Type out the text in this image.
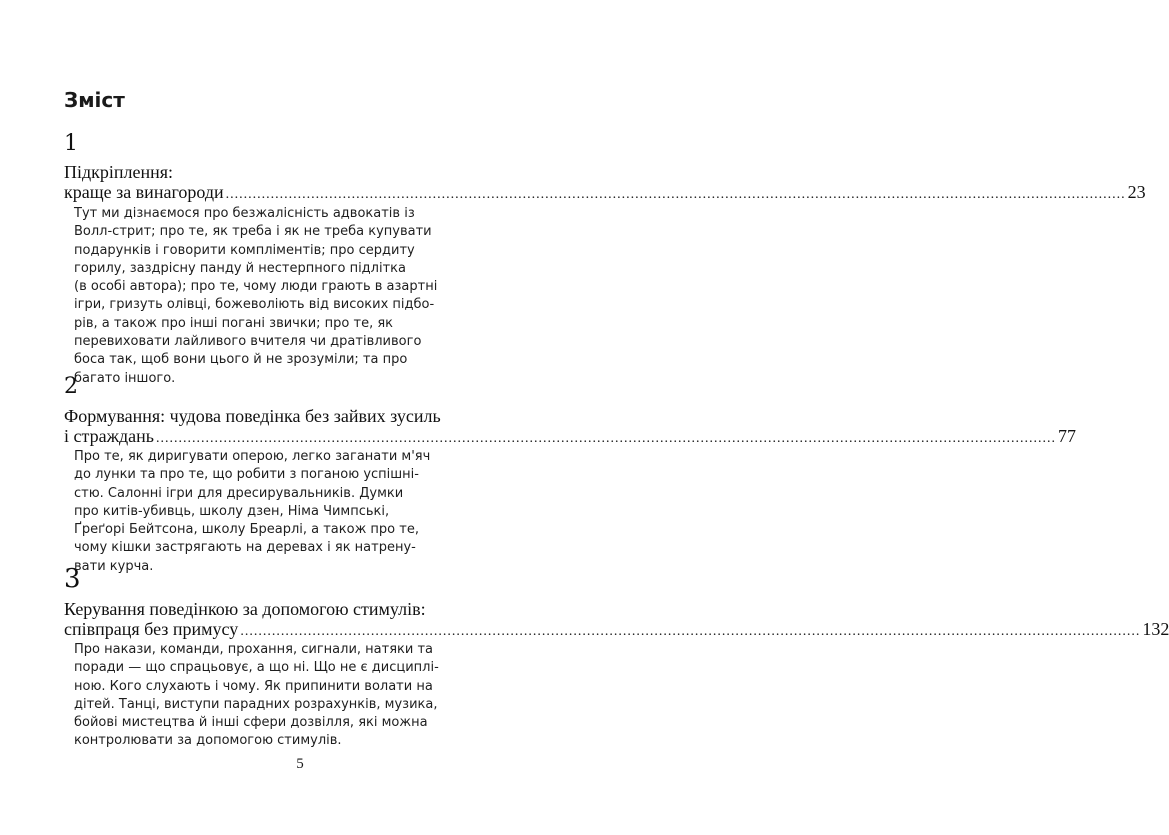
Зміст
1
Підкріплення:
краще за винагороди ........................................................................................................................................................................................................ 23
Тут ми дізнаємося про безжалісність адвокатів із
Волл-стрит; про те, як треба і як не треба купувати
подарунків і говорити компліментів; про сердиту
горилу, заздрісну панду й нестерпного підлітка
(в особі автора); про те, чому люди грають в азартні
ігри, гризуть олівці, божеволіють від високих підбо-
рів, а також про інші погані звички; про те, як
перевиховати лайливого вчителя чи дратівливого
боса так, щоб вони цього й не зрозуміли; та про
багато іншого.
2
Формування: чудова поведінка без зайвих зусиль
і страждань ........................................................................................................................................................................................................ 77
Про те, як диригувати оперою, легко заганати м'яч
до лунки та про те, що робити з поганою успішні-
стю. Салонні ігри для дресирувальників. Думки
про китів-убивць, школу дзен, Німа Чимпські,
Ґреґорі Бейтсона, школу Бреарлі, а також про те,
чому кішки застрягають на деревах і як натрену-
вати курча.
3
Керування поведінкою за допомогою стимулів:
співпраця без примусу ........................................................................................................................................................................................................ 132
Про накази, команди, прохання, сигнали, натяки та
поради — що спрацьовує, а що ні. Що не є дисциплі-
ною. Кого слухають і чому. Як припинити волати на
дітей. Танці, виступи парадних розрахунків, музика,
бойові мистецтва й інші сфери дозвілля, які можна
контролювати за допомогою стимулів.
5
